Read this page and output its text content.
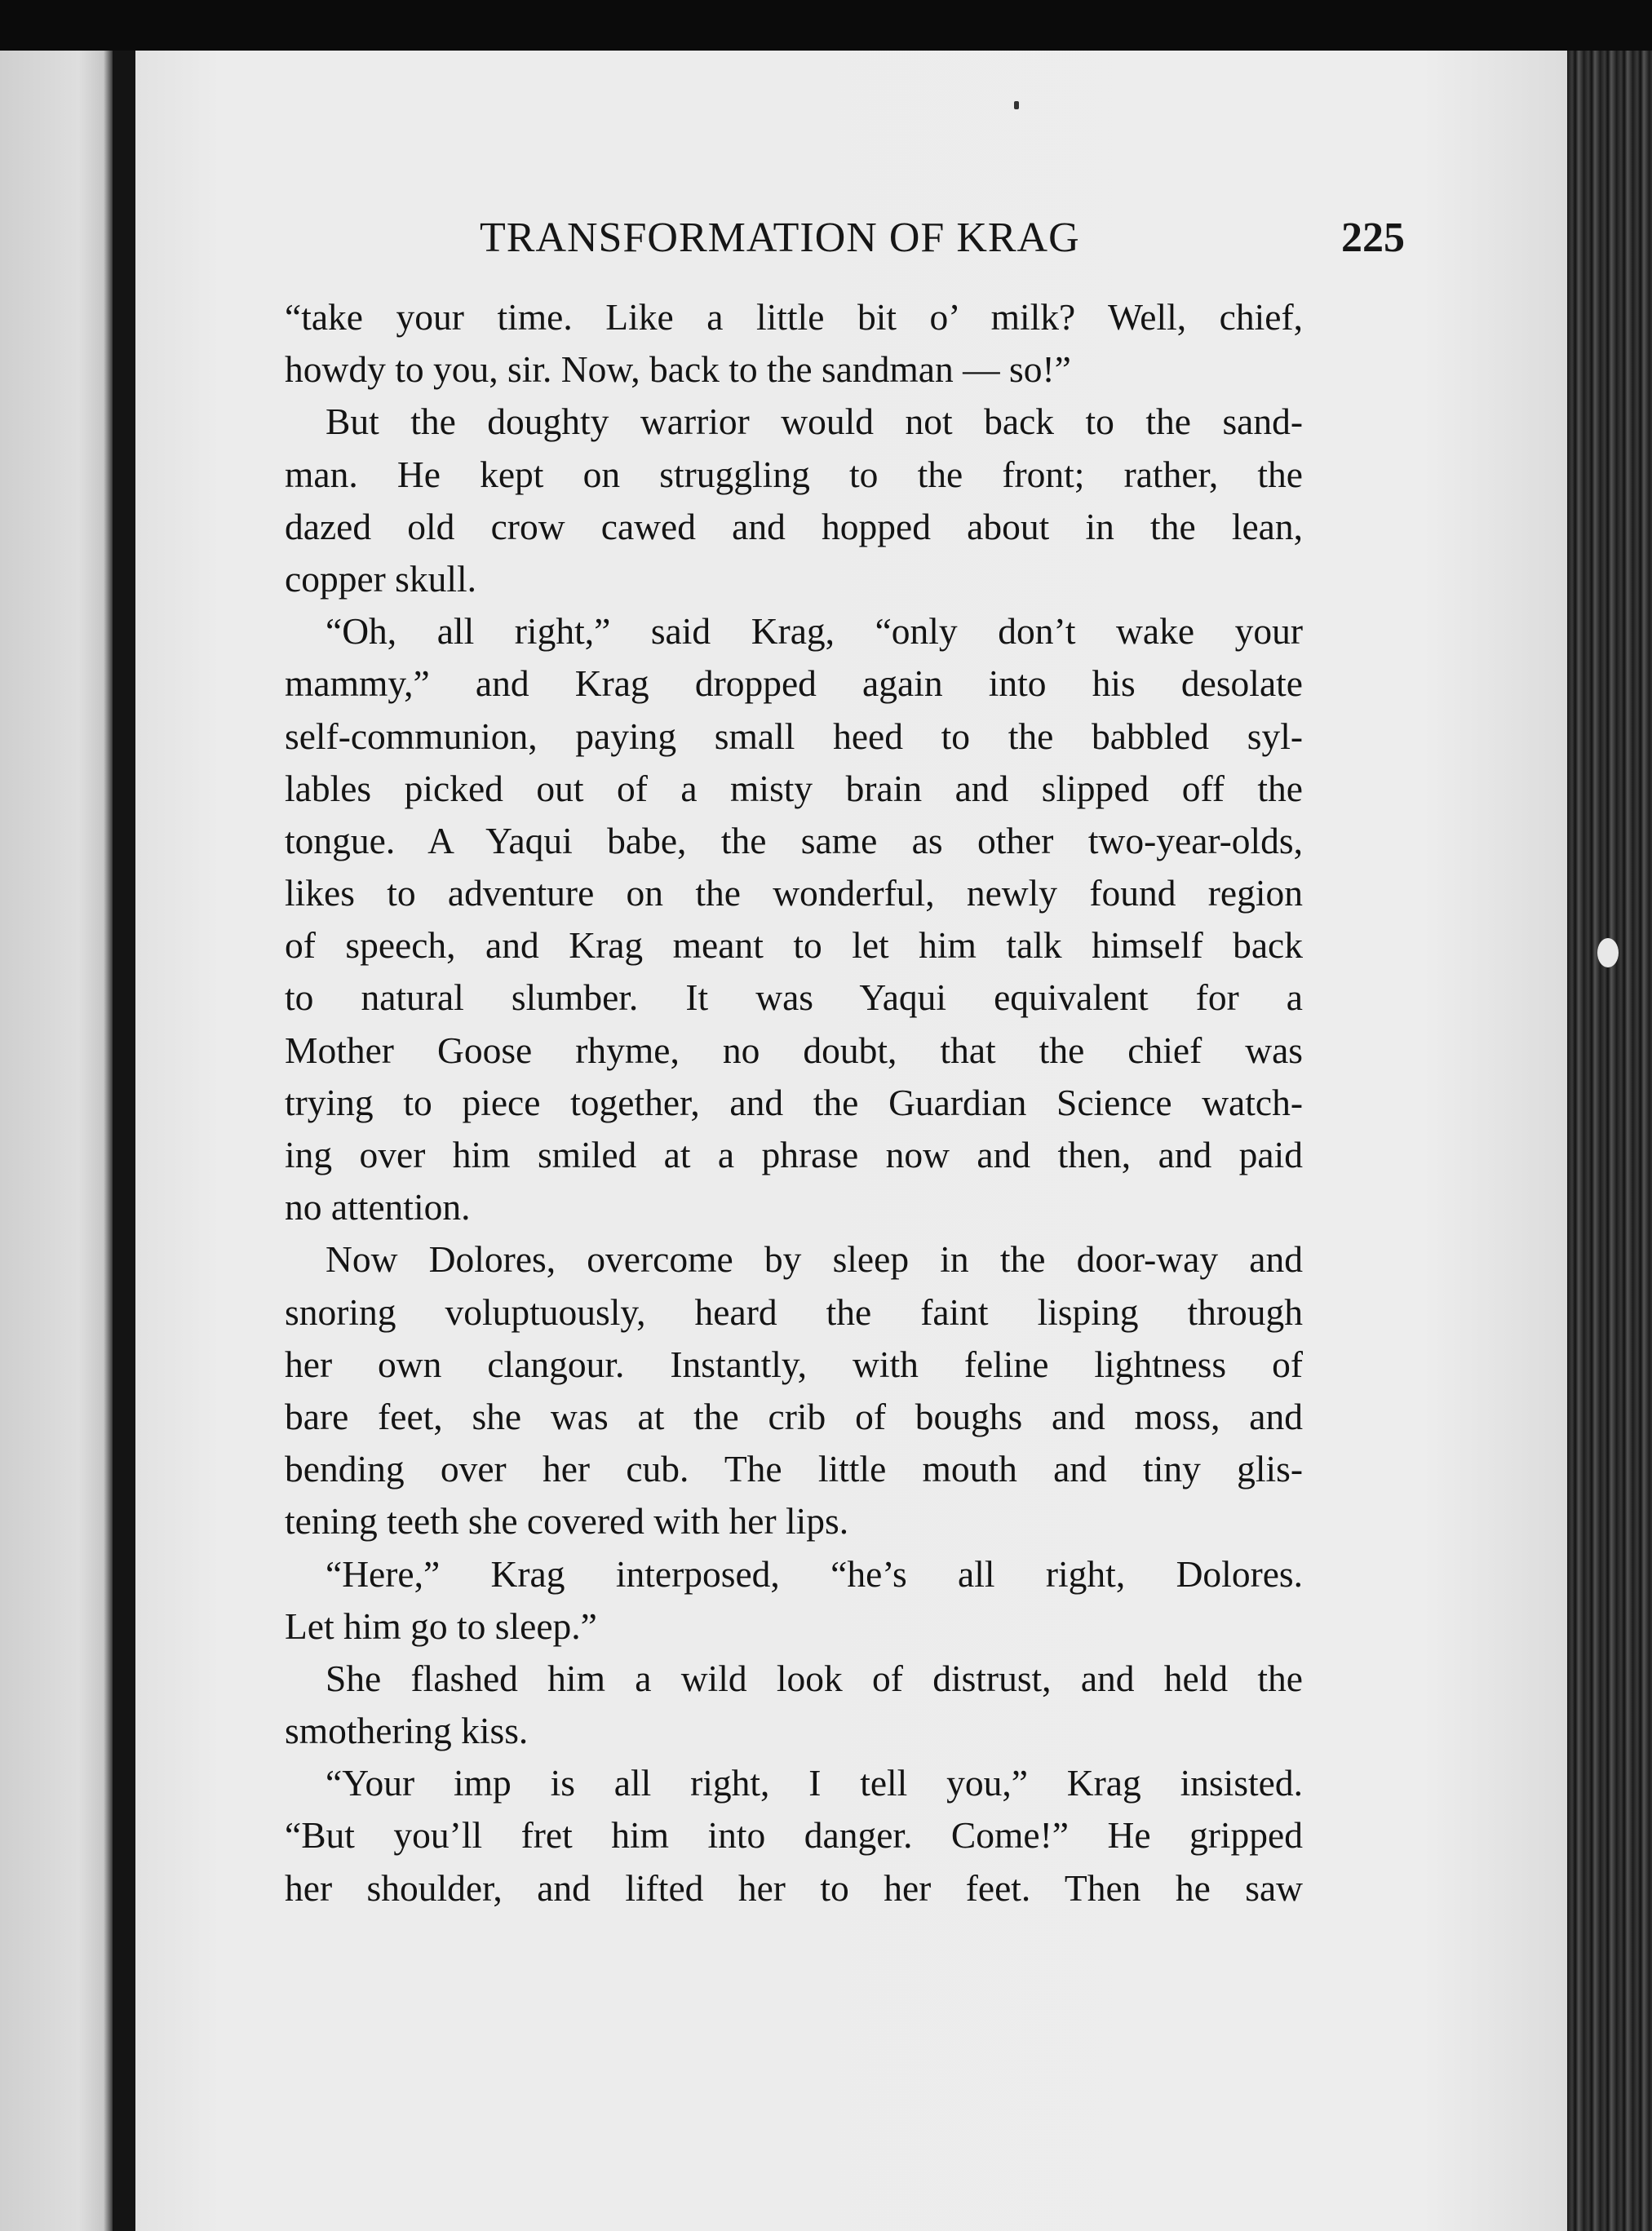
TRANSFORMATION OF KRAG	225
“take your time. Like a little bit o’ milk? Well, chief,
howdy to you, sir. Now, back to the sandman — so!”
But the doughty warrior would not back to the sand-
man. He kept on struggling to the front; rather, the
dazed old crow cawed and hopped about in the lean,
copper skull.
“Oh, all right,” said Krag, “only don’t wake your
mammy,” and Krag dropped again into his desolate
self-communion, paying small heed to the babbled syl-
lables picked out of a misty brain and slipped off the
tongue. A Yaqui babe, the same as other two-year-olds,
likes to adventure on the wonderful, newly found region
of speech, and Krag meant to let him talk himself back
to natural slumber. It was Yaqui equivalent for a
Mother Goose rhyme, no doubt, that the chief was
trying to piece together, and the Guardian Science watch-
ing over him smiled at a phrase now and then, and paid
no attention.
Now Dolores, overcome by sleep in the door-way and
snoring voluptuously, heard the faint lisping through
her own clangour. Instantly, with feline lightness of
bare feet, she was at the crib of boughs and moss, and
bending over her cub. The little mouth and tiny glis-
tening teeth she covered with her lips.
“Here,” Krag interposed, “he’s all right, Dolores.
Let him go to sleep.”
She flashed him a wild look of distrust, and held the
smothering kiss.
“Your imp is all right, I tell you,” Krag insisted.
“But you’ll fret him into danger. Come!” He gripped
her shoulder, and lifted her to her feet. Then he saw
